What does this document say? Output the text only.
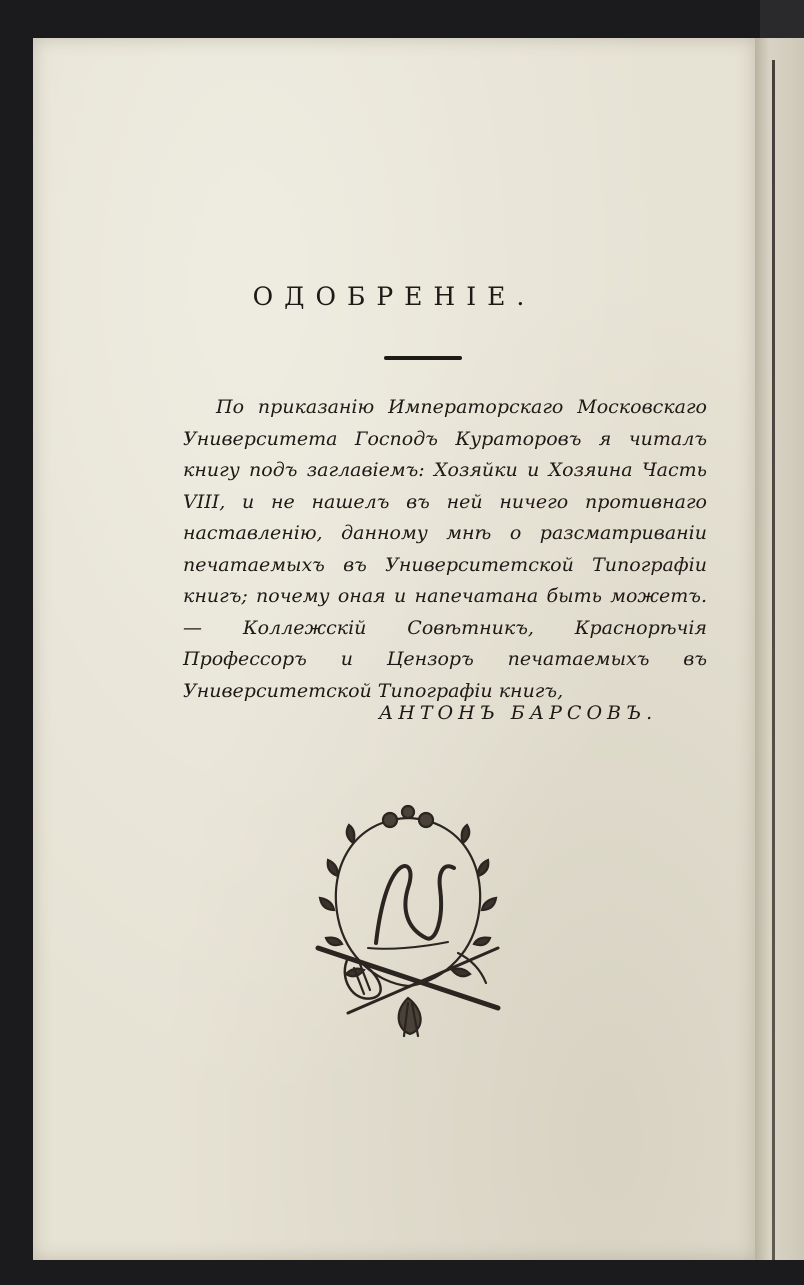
ОДОБРЕНІЕ.
По приказанію Императорскаго Московскаго Университета Господъ Кураторовъ я читалъ книгу подъ заглавіемъ: Хозяйки и Хозяина Часть VIII, и не нашелъ въ ней ничего противнаго наставленію, данному мнѣ о разсматриваніи печатаемыхъ въ Университетской Типографіи книгъ; почему оная и напечатана быть можетъ. — Коллежскій Совѣтникъ, Краснорѣчія Профессоръ и Цензоръ печатаемыхъ въ Университетской Типографіи книгъ,
АНТОНЪ БАРСОВЪ.
